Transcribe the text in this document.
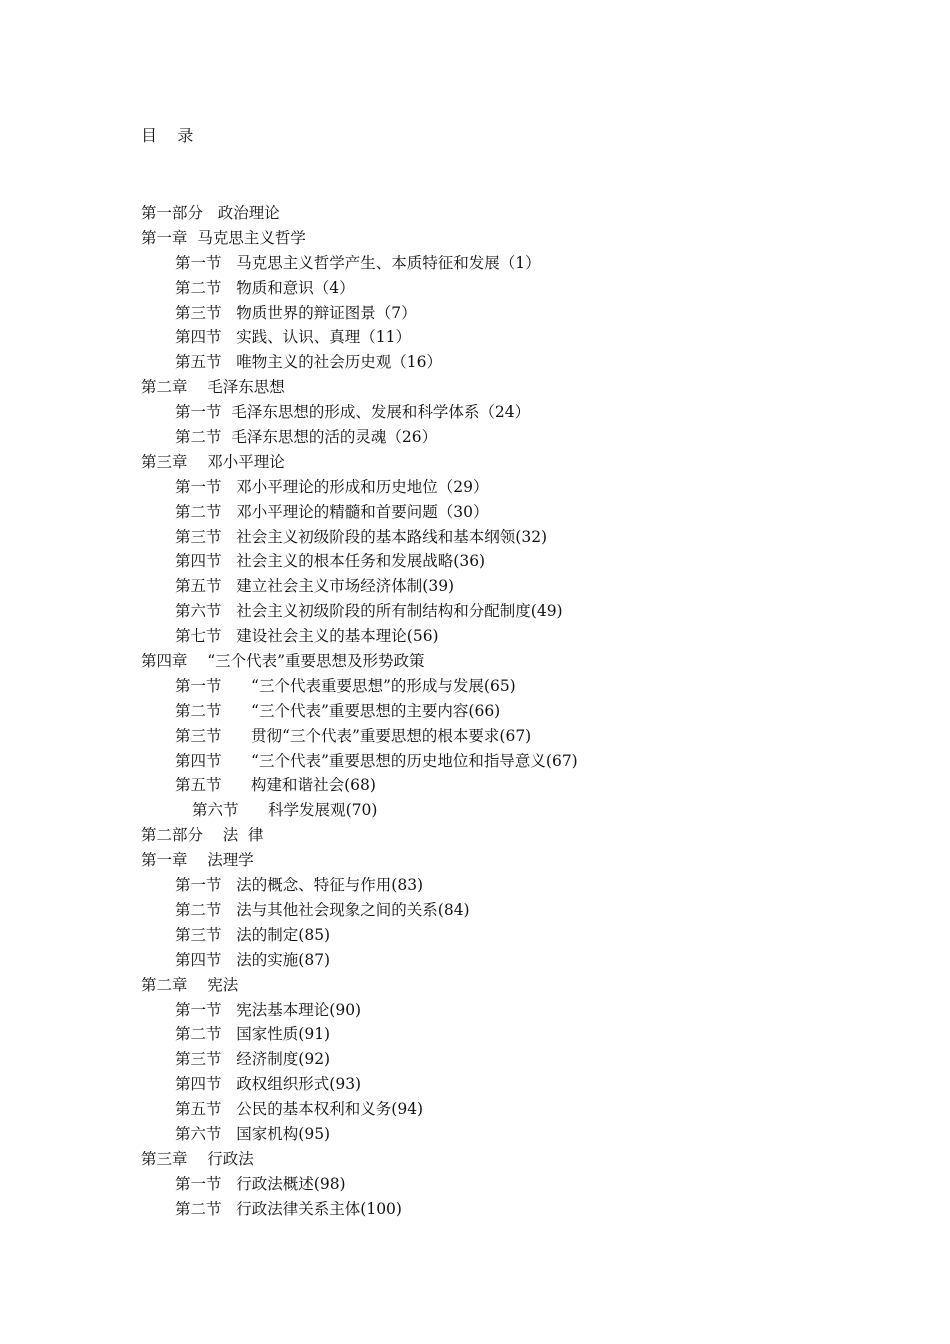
目    录
第一部分   政治理论
第一章  马克思主义哲学
第一节   马克思主义哲学产生、本质特征和发展（1）
第二节   物质和意识（4）
第三节   物质世界的辩证图景（7）
第四节   实践、认识、真理（11）
第五节   唯物主义的社会历史观（16）
第二章    毛泽东思想
第一节  毛泽东思想的形成、发展和科学体系（24）
第二节  毛泽东思想的活的灵魂（26）
第三章    邓小平理论
第一节   邓小平理论的形成和历史地位（29）
第二节   邓小平理论的精髓和首要问题（30）
第三节   社会主义初级阶段的基本路线和基本纲领(32)
第四节   社会主义的根本任务和发展战略(36)
第五节   建立社会主义市场经济体制(39)
第六节   社会主义初级阶段的所有制结构和分配制度(49)
第七节   建设社会主义的基本理论(56)
第四章    “三个代表”重要思想及形势政策
第一节      “三个代表重要思想”的形成与发展(65)
第二节      “三个代表”重要思想的主要内容(66)
第三节      贯彻“三个代表”重要思想的根本要求(67)
第四节      “三个代表”重要思想的历史地位和指导意义(67)
第五节      构建和谐社会(68)
第六节      科学发展观(70)
第二部分    法  律
第一章    法理学
第一节   法的概念、特征与作用(83)
第二节   法与其他社会现象之间的关系(84)
第三节   法的制定(85)
第四节   法的实施(87)
第二章    宪法
第一节   宪法基本理论(90)
第二节   国家性质(91)
第三节   经济制度(92)
第四节   政权组织形式(93)
第五节   公民的基本权利和义务(94)
第六节   国家机构(95)
第三章    行政法
第一节   行政法概述(98)
第二节   行政法律关系主体(100)
